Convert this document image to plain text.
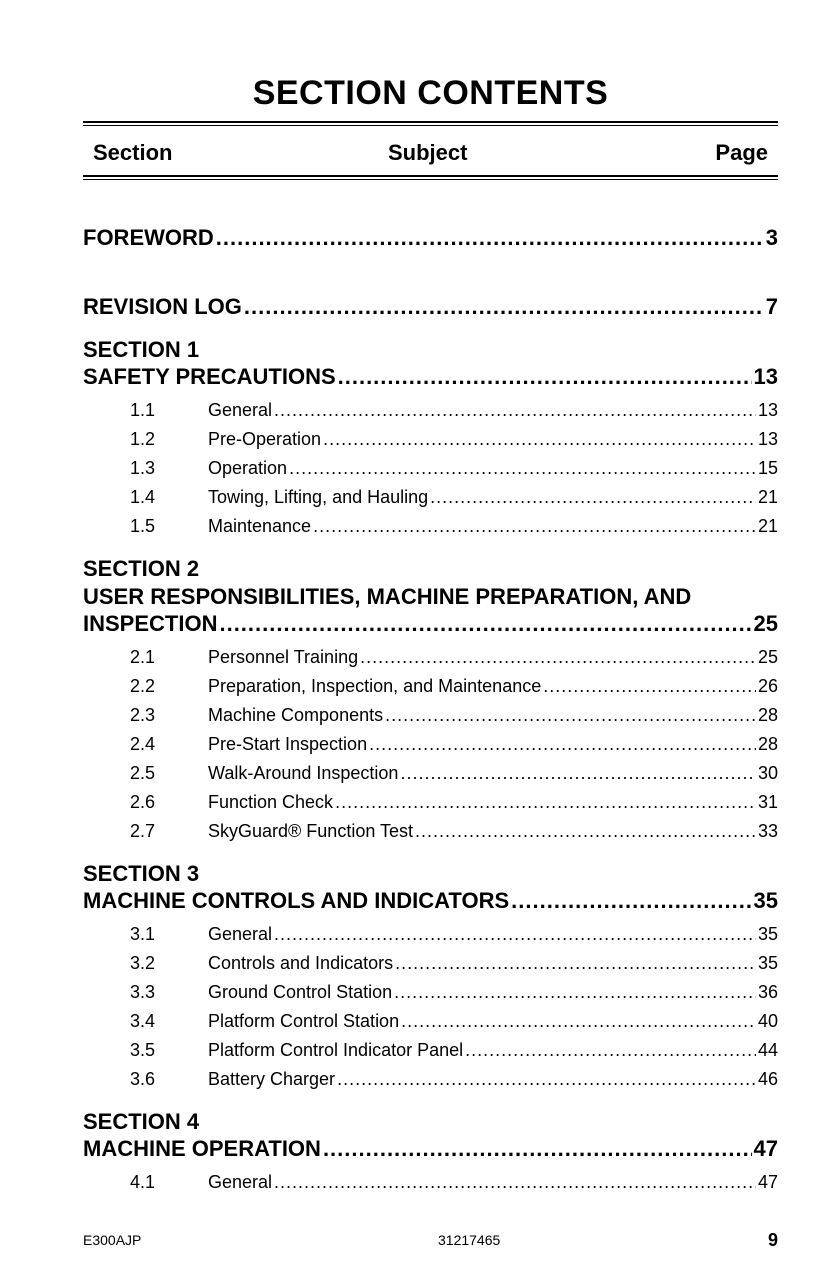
SECTION CONTENTS
Section	Subject	Page
FOREWORD .....	3
REVISION LOG .....	7
SECTION 1
SAFETY PRECAUTIONS .....	13
1.1	General .....	13
1.2	Pre-Operation .....	13
1.3	Operation .....	15
1.4	Towing, Lifting, and Hauling .....	21
1.5	Maintenance .....	21
SECTION 2
USER RESPONSIBILITIES, MACHINE PREPARATION, AND
INSPECTION .....	25
2.1	Personnel Training .....	25
2.2	Preparation, Inspection, and Maintenance .....	26
2.3	Machine Components .....	28
2.4	Pre-Start Inspection .....	28
2.5	Walk-Around Inspection .....	30
2.6	Function Check .....	31
2.7	SkyGuard® Function Test .....	33
SECTION 3
MACHINE CONTROLS AND INDICATORS .....	35
3.1	General .....	35
3.2	Controls and Indicators .....	35
3.3	Ground Control Station .....	36
3.4	Platform Control Station .....	40
3.5	Platform Control Indicator Panel .....	44
3.6	Battery Charger .....	46
SECTION 4
MACHINE OPERATION .....	47
4.1	General .....	47
E300AJP	31217465	9
